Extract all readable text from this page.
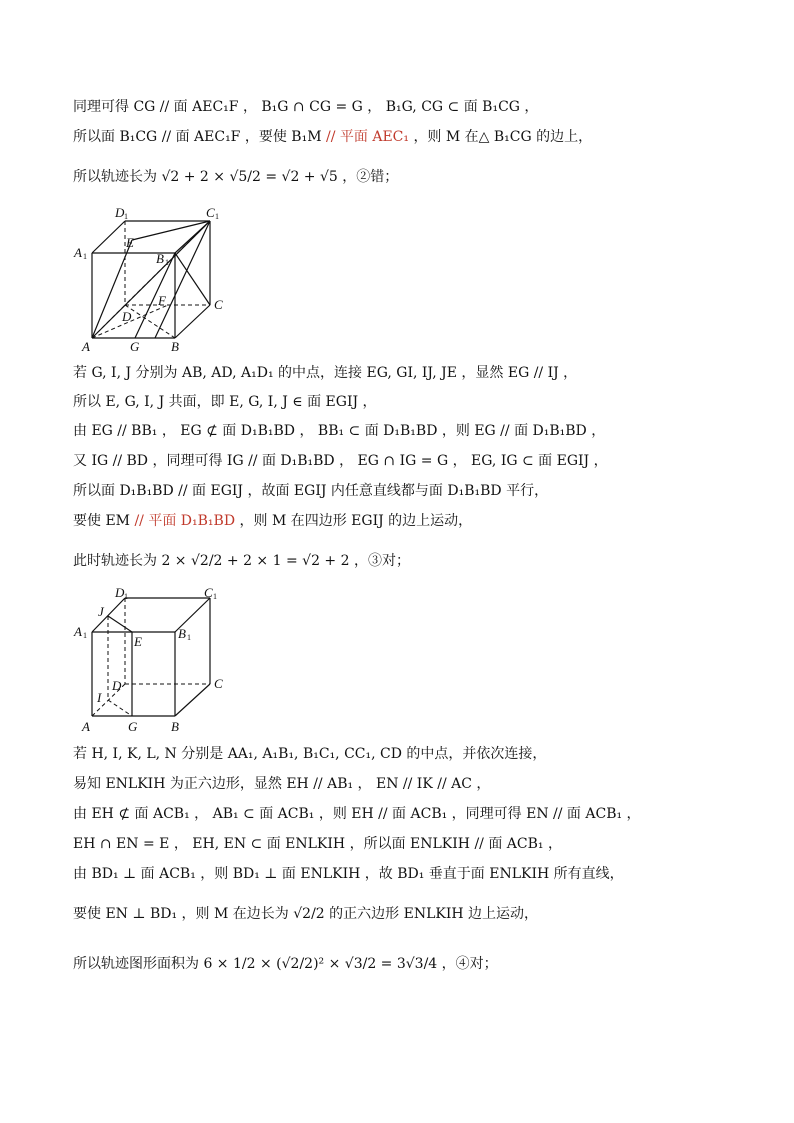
同理可得 CG // 面 AEC₁F ， B₁G ∩ CG = G ， B₁G, CG ⊂ 面 B₁CG ，
所以面 B₁CG // 面 AEC₁F ，要使 B₁M // 平面 AEC₁ ，则 M 在△ B₁CG 的边上，
所以轨迹长为 √2 + 2 × √5/2 = √2 + √5 ，②错；
D 1	C 1
A 1	B 1
E
F
D
C
A	G B
若 G, I, J 分别为 AB, AD, A₁D₁ 的中点，连接 EG, GI, IJ, JE ，显然 EG // IJ ，
所以 E, G, I, J 共面，即 E, G, I, J ∈ 面 EGIJ ，
由 EG // BB₁ ， EG ⊄ 面 D₁B₁BD ， BB₁ ⊂ 面 D₁B₁BD ，则 EG // 面 D₁B₁BD ，
又 IG // BD ，同理可得 IG // 面 D₁B₁BD ， EG ∩ IG = G ， EG, IG ⊂ 面 EGIJ ，
所以面 D₁B₁BD // 面 EGIJ ，故面 EGIJ 内任意直线都与面 D₁B₁BD 平行，
要使 EM // 平面 D₁B₁BD ，则 M 在四边形 EGIJ 的边上运动，
此时轨迹长为 2 × √2/2 + 2 × 1 = √2 + 2 ，③对；
D 1	C 1
A 1	B 1
J
E
D	C
I
A	G	B
若 H, I, K, L, N 分别是 AA₁, A₁B₁, B₁C₁, CC₁, CD 的中点，并依次连接，
易知 ENLKIH 为正六边形，显然 EH // AB₁ ， EN // IK // AC ，
由 EH ⊄ 面 ACB₁ ， AB₁ ⊂ 面 ACB₁ ，则 EH // 面 ACB₁ ，同理可得 EN // 面 ACB₁ ，
EH ∩ EN = E ， EH, EN ⊂ 面 ENLKIH ，所以面 ENLKIH // 面 ACB₁ ，
由 BD₁ ⊥ 面 ACB₁ ，则 BD₁ ⊥ 面 ENLKIH ，故 BD₁ 垂直于面 ENLKIH 所有直线，
要使 EN ⊥ BD₁ ，则 M 在边长为 √2/2 的正六边形 ENLKIH 边上运动，
所以轨迹图形面积为 6 × 1/2 × (√2/2)² × √3/2 = 3√3/4 ，④对；
